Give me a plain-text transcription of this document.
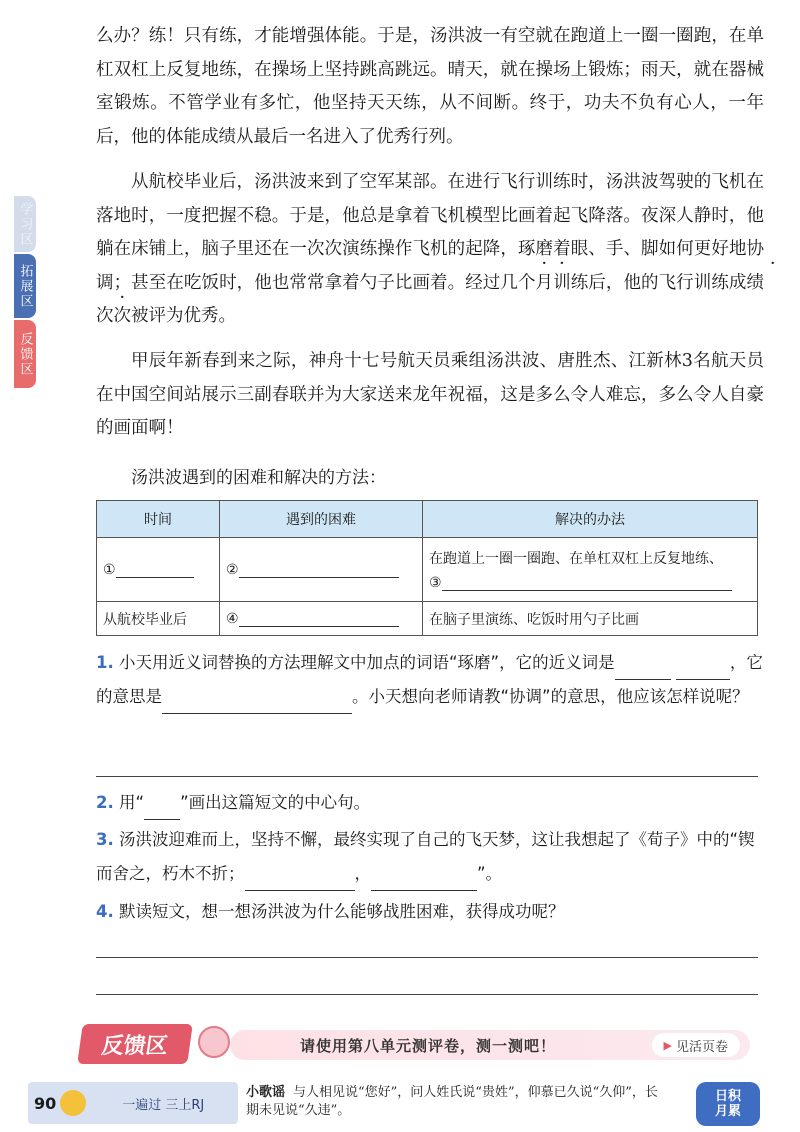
学习区
拓展区
反馈区

么办？练！只有练，才能增强体能。于是，汤洪波一有空就在跑道上一圈一圈跑，在单杠双杠上反复地练，在操场上坚持跳高跳远。晴天，就在操场上锻炼；雨天，就在器械室锻炼。不管学业有多忙，他坚持天天练，从不间断。终于，功夫不负有心人，一年后，他的体能成绩从最后一名进入了优秀行列。

从航校毕业后，汤洪波来到了空军某部。在进行飞行训练时，汤洪波驾驶的飞机在落地时，一度把握不稳。于是，他总是拿着飞机模型比画着起飞降落。夜深人静时，他躺在床铺上，脑子里还在一次次演练操作飞机的起降，琢磨着眼、手、脚如何更好地协调；甚至在吃饭时，他也常常拿着勺子比画着。经过几个月训练后，他的飞行训练成绩次次被评为优秀。

甲辰年新春到来之际，神舟十七号航天员乘组汤洪波、唐胜杰、江新林3名航天员在中国空间站展示三副春联并为大家送来龙年祝福，这是多么令人难忘，多么令人自豪的画面啊！

汤洪波遇到的困难和解决的方法：
时间	遇到的困难	解决的办法
①	②	在跑道上一圈一圈跑、在单杠双杠上反复地练、
③

从航校毕业后	④	在脑子里演练、吃饭时用勺子比画

1. 小天用近义词替换的方法理解文中加点的词语“琢磨”，它的近义词是	，它的意思是	。小天想向老师请教“协调”的意思，他应该怎样说呢？

2. 用“ ”画出这篇短文的中心句。

3. 汤洪波迎难而上，坚持不懈，最终实现了自己的飞天梦，这让我想起了《荀子》中的“锲而舍之，朽木不折；	，	”。

4. 默读短文，想一想汤洪波为什么能够战胜困难，获得成功呢？

请使用第八单元测评卷，测一测吧！	▶ 见活页卷
反馈区
90	一遍过 三上RJ
小歌谣 与人相见说“您好”，问人姓氏说“贵姓”，仰慕已久说“久仰”，长期未见说“久违”。
日积
月累
